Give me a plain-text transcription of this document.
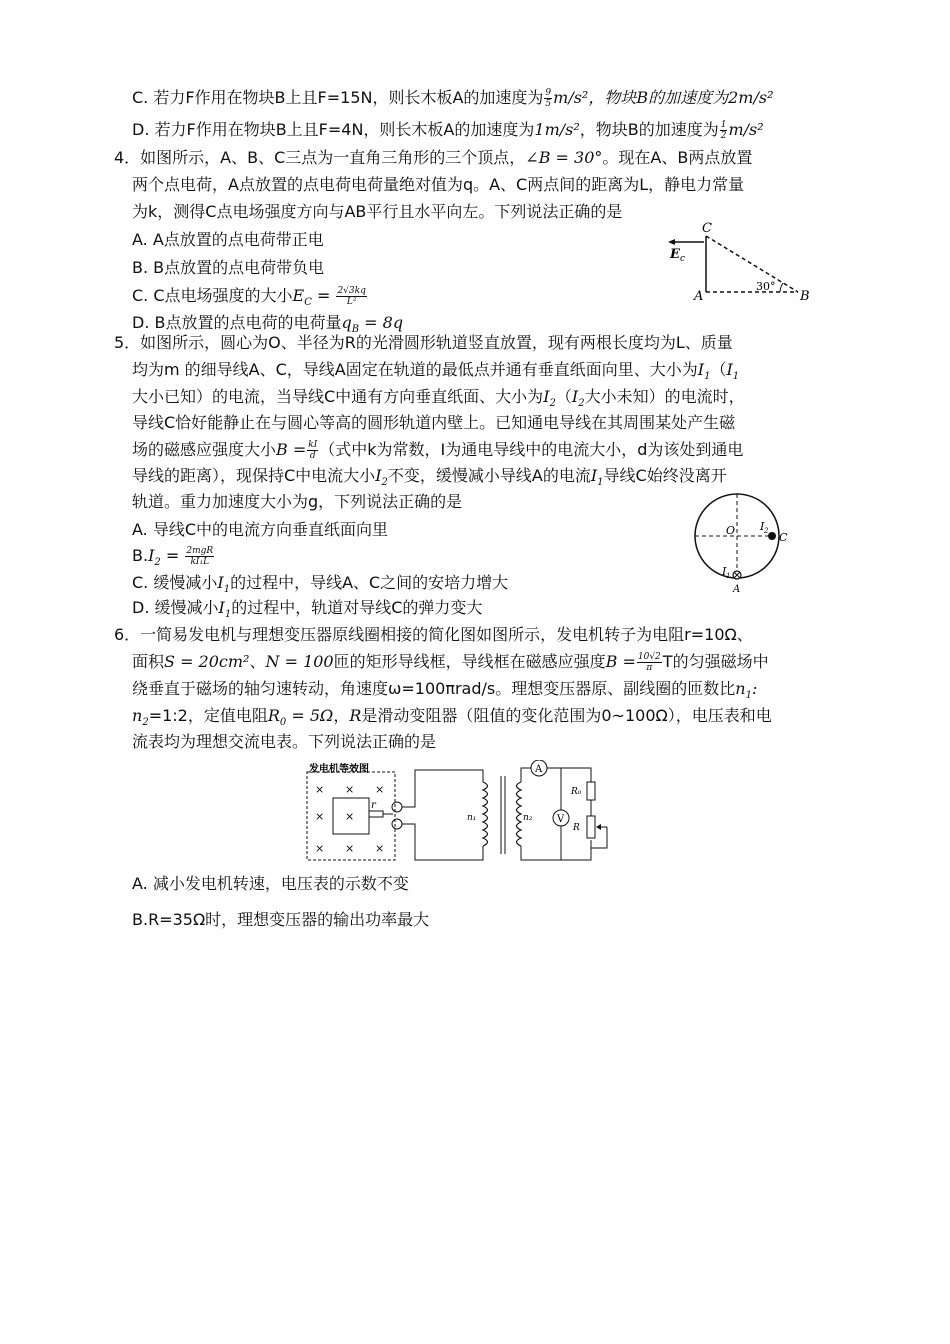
C. 若力F作用在物块B上且F=15N，则长木板A的加速度为 $\frac{9}{5} m/s^2$，物块B的加速度为2m/s²
D. 若力F作用在物块B上且F=4N，则长木板A的加速度为1m/s²，物块B的加速度为 $\frac{1}{2} m/s^2$
4．如图所示，A、B、C三点为一直角三角形的三个顶点，∠B = 30°。现在A、B两点放置
两个点电荷，A点放置的点电荷电荷量绝对值为q。A、C两点间的距离为L，静电力常量
为k，测得C点电场强度方向与AB平行且水平向左。下列说法正确的是
A. A点放置的点电荷带正电
B. B点放置的点电荷带负电
C. C点电场强度的大小$E_C = \frac{2√3kq}{\text{L²}}$
D. B点放置的点电荷的电荷量$q_B = 8q$
C
E c
A	B
30°
5．如图所示，圆心为O、半径为R的光滑圆形轨道竖直放置，现有两根长度均为L、质量
均为m 的细导线A、C，导线A固定在轨道的最低点并通有垂直纸面向里、大小为$I_1(I_1$
大小已知）的电流，当导线C中通有方向垂直纸面、大小为$I_2(I_2$大小未知）的电流时，
导线C恰好能静止在与圆心等高的圆形轨道内壁上。已知通电导线在其周围某处产生磁
场的磁感应强度大小$B = \frac{kI}{d}$ （式中k为常数，I为通电导线中的电流大小，d为该处到通电
导线的距离），现保持C中电流大小$I_2$不变，缓慢减小导线A的电流$I_1$导线C始终没离开
轨道。重力加速度大小为g，下列说法正确的是
A. 导线C中的电流方向垂直纸面向里
$B.I_2 = \frac{\text{2mgR}}{\text{kI₁L}}$
C. 缓慢减小$I_1$的过程中，导线A、C之间的安培力增大
D. 缓慢减小$I_1$的过程中，轨道对导线C的弹力变大
O I 2 C
I 1
A
6．一简易发电机与理想变压器原线圈相接的简化图如图所示，发电机转子为电阻r=10Ω、
面积S = 20cm²、N = 100匝的矩形导线框，导线框在磁感应强度$B = \frac{10√2}{\pi}$ T的匀强磁场中
绕垂直于磁场的轴匀速转动，角速度ω=100πrad/s。理想变压器原、副线圈的匝数比$n_1$:
$n_2=1:2$，定值电阻$R_0 = 5\Omega$，R是滑动变阻器（阻值的变化范围为0~100Ω），电压表和电
流表均为理想交流电表。下列说法正确的是
发电机等效图
×
×
×
×
×
×
×
×
r
n₁	n₂
A
V
R₀
R
A. 减小发电机转速，电压表的示数不变
B.R=35Ω时，理想变压器的输出功率最大
